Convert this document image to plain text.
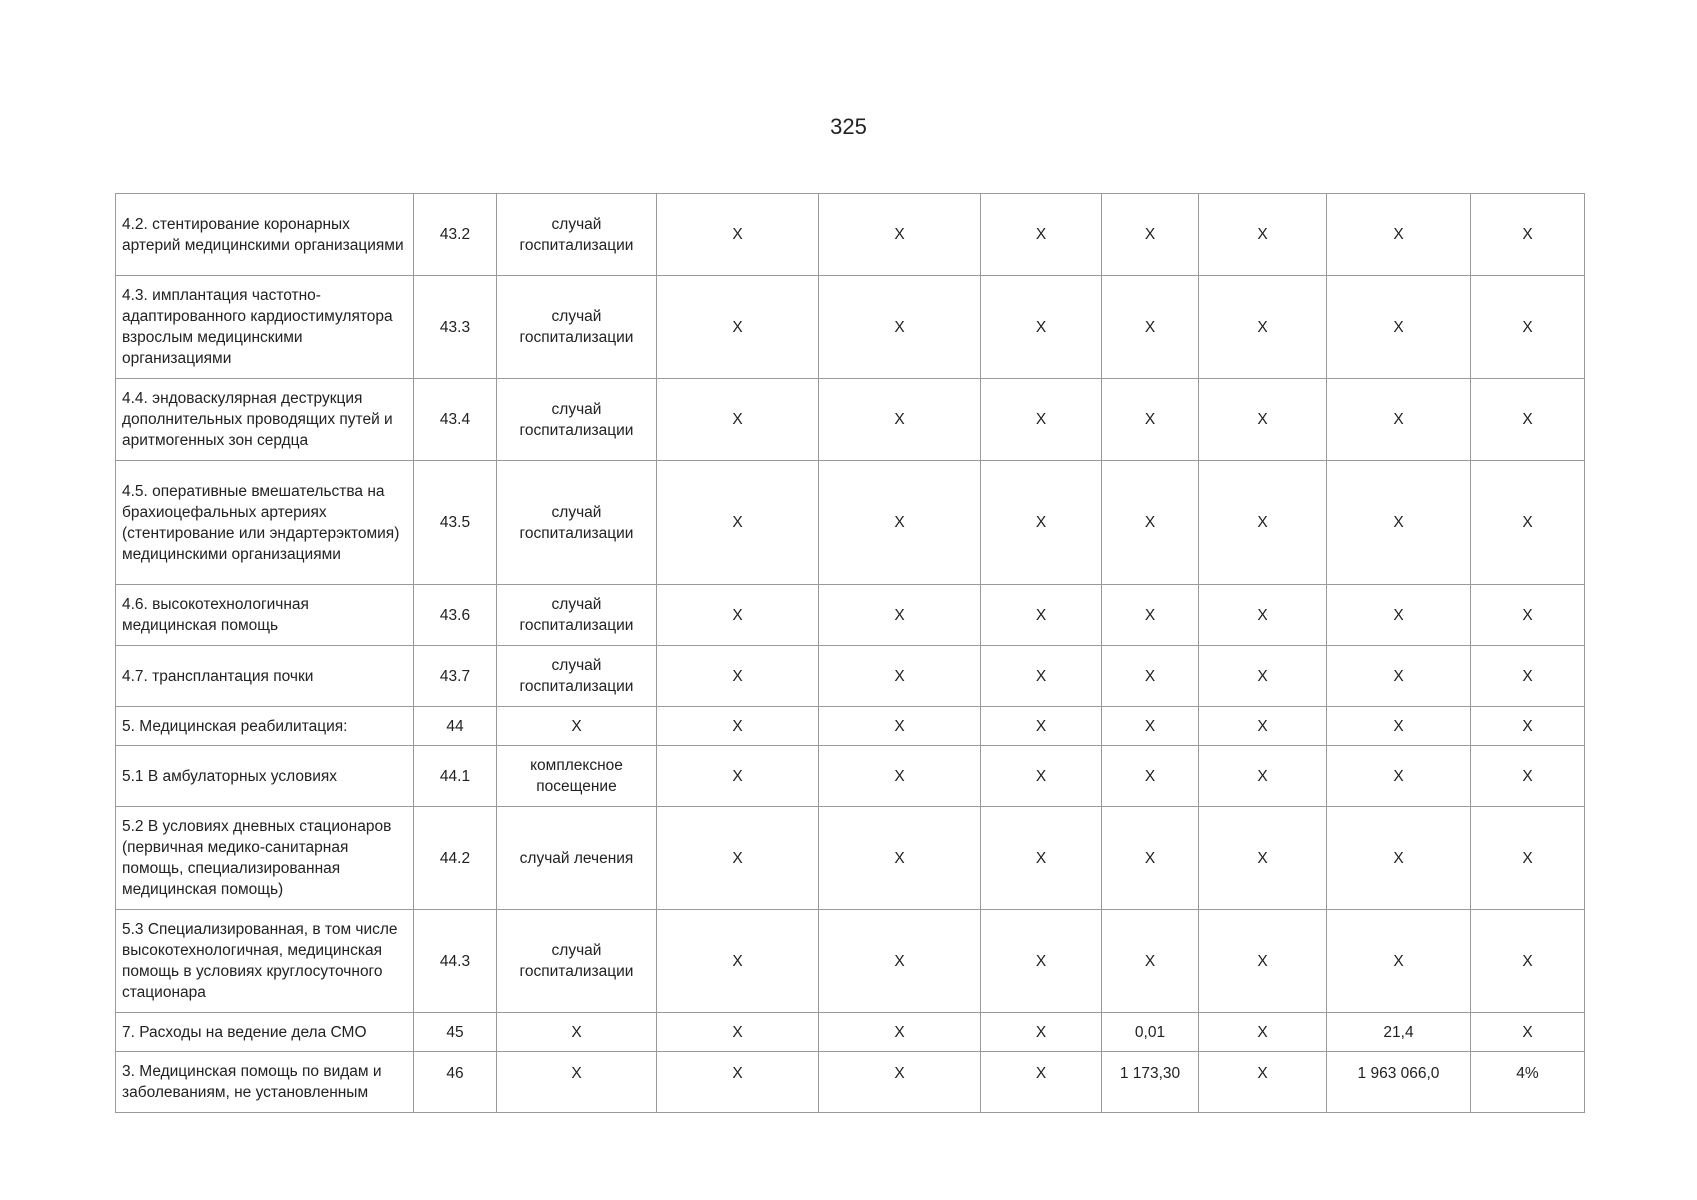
325
4.2. стентирование коронарных артерий медицинскими организациями	43.2	случай госпитализации	Х	Х	Х	Х	Х	Х	Х
4.3. имплантация частотно-адаптированного кардиостимулятора взрослым медицинскими организациями	43.3	случай госпитализации	Х	Х	Х	Х	Х	Х	Х
4.4. эндоваскулярная деструкция дополнительных проводящих путей и аритмогенных зон сердца	43.4	случай госпитализации	Х	Х	Х	Х	Х	Х	Х
4.5. оперативные вмешательства на брахиоцефальных артериях (стентирование или эндартерэктомия) медицинскими организациями	43.5	случай госпитализации	Х	Х	Х	Х	Х	Х	Х
4.6. высокотехнологичная медицинская помощь	43.6	случай госпитализации	Х	Х	Х	Х	Х	Х	Х
4.7. трансплантация почки	43.7	случай госпитализации	Х	Х	Х	Х	Х	Х	Х
5. Медицинская реабилитация:	44	Х	Х	Х	Х	Х	Х	Х	Х
5.1 В амбулаторных условиях	44.1	комплексное посещение	Х	Х	Х	Х	Х	Х	Х
5.2 В условиях дневных стационаров (первичная медико-санитарная помощь, специализированная медицинская помощь)	44.2	случай лечения	Х	Х	Х	Х	Х	Х	Х
5.3 Специализированная, в том числе высокотехнологичная, медицинская помощь в условиях круглосуточного стационара	44.3	случай госпитализации	Х	Х	Х	Х	Х	Х	Х
7. Расходы на ведение дела СМО	45	Х	Х	Х	Х	0,01	Х	21,4	Х
3. Медицинская помощь по видам и заболеваниям, не установленным	46	Х	Х	Х	Х	1 173,30	Х	1 963 066,0	4%
